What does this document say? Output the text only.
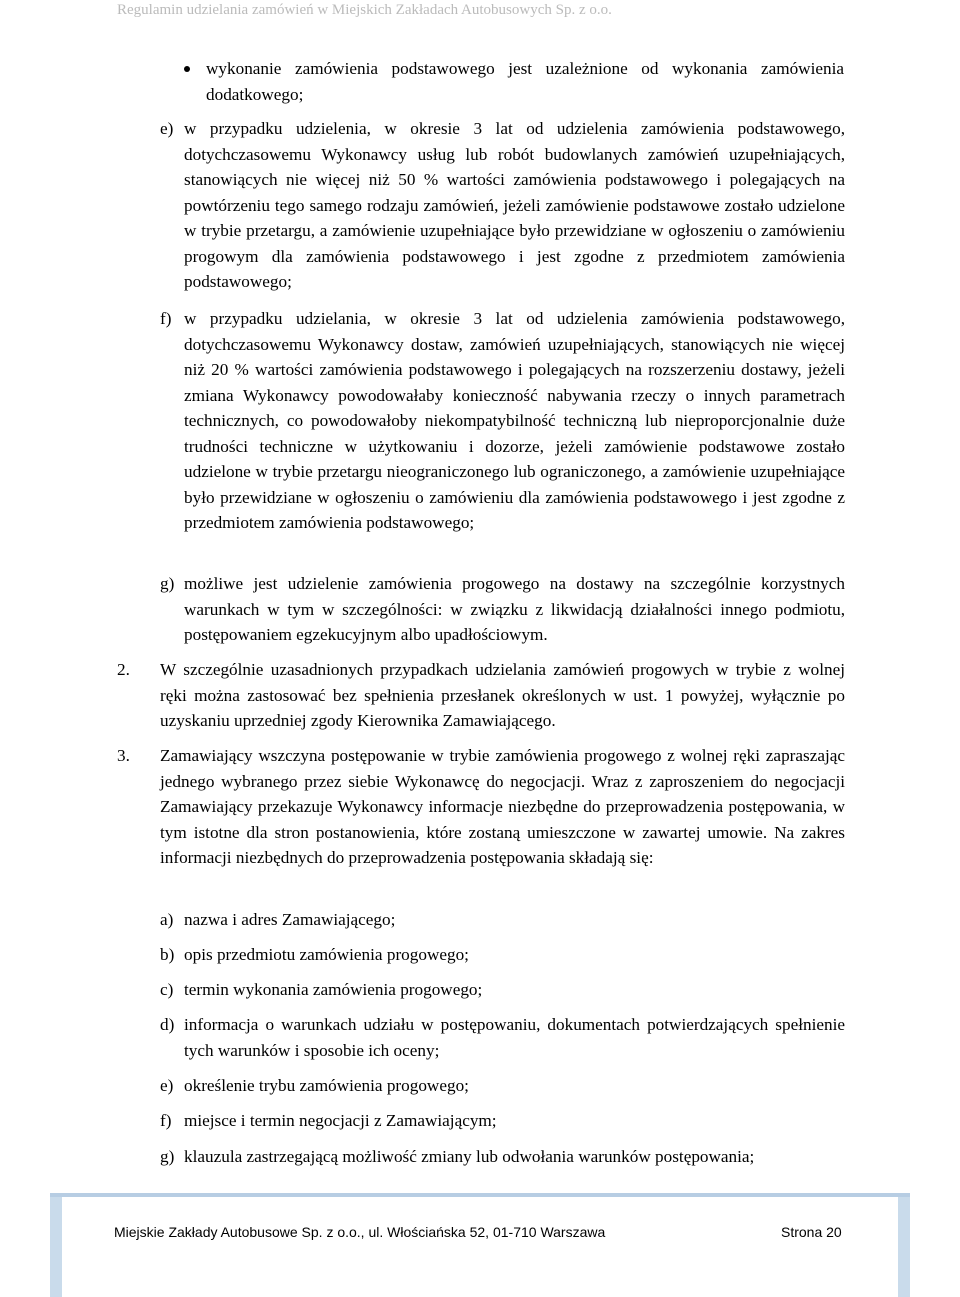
Regulamin udzielania zamówień w Miejskich Zakładach Autobusowych Sp. z o.o.
wykonanie zamówienia podstawowego jest uzależnione od wykonania zamówienia dodatkowego;
e) w przypadku udzielenia, w okresie 3 lat od udzielenia zamówienia podstawowego, dotychczasowemu Wykonawcy usług lub robót budowlanych zamówień uzupełniających, stanowiących nie więcej niż 50 % wartości zamówienia podstawowego i polegających na powtórzeniu tego samego rodzaju zamówień, jeżeli zamówienie podstawowe zostało udzielone w trybie przetargu, a zamówienie uzupełniające było przewidziane w ogłoszeniu o zamówieniu progowym dla zamówienia podstawowego i jest zgodne z przedmiotem zamówienia podstawowego;
f) w przypadku udzielania, w okresie 3 lat od udzielenia zamówienia podstawowego, dotychczasowemu Wykonawcy dostaw, zamówień uzupełniających, stanowiących nie więcej niż 20 % wartości zamówienia podstawowego i polegających na rozszerzeniu dostawy, jeżeli zmiana Wykonawcy powodowałaby konieczność nabywania rzeczy o innych parametrach technicznych, co powodowałoby niekompatybilność techniczną lub nieproporcjonalnie duże trudności techniczne w użytkowaniu i dozorze, jeżeli zamówienie podstawowe zostało udzielone w trybie przetargu nieograniczonego lub ograniczonego, a zamówienie uzupełniające było przewidziane w ogłoszeniu o zamówieniu dla zamówienia podstawowego i jest zgodne z przedmiotem zamówienia podstawowego;
g) możliwe jest udzielenie zamówienia progowego na dostawy na szczególnie korzystnych warunkach w tym w szczególności: w związku z likwidacją działalności innego podmiotu, postępowaniem egzekucyjnym albo upadłościowym.
2. W szczególnie uzasadnionych przypadkach udzielania zamówień progowych w trybie z wolnej ręki można zastosować bez spełnienia przesłanek określonych w ust. 1 powyżej, wyłącznie po uzyskaniu uprzedniej zgody Kierownika Zamawiającego.
3. Zamawiający wszczyna postępowanie w trybie zamówienia progowego z wolnej ręki zapraszając jednego wybranego przez siebie Wykonawcę do negocjacji. Wraz z zaproszeniem do negocjacji Zamawiający przekazuje Wykonawcy informacje niezbędne do przeprowadzenia postępowania, w tym istotne dla stron postanowienia, które zostaną umieszczone w zawartej umowie. Na zakres informacji niezbędnych do przeprowadzenia postępowania składają się:
a) nazwa i adres Zamawiającego;
b) opis przedmiotu zamówienia progowego;
c) termin wykonania zamówienia progowego;
d) informacja o warunkach udziału w postępowaniu, dokumentach potwierdzających spełnienie tych warunków i sposobie ich oceny;
e) określenie trybu zamówienia progowego;
f) miejsce i termin negocjacji z Zamawiającym;
g) klauzula zastrzegającą możliwość zmiany lub odwołania warunków postępowania;
Miejskie Zakłady Autobusowe Sp. z o.o., ul. Włościańska 52, 01-710 Warszawa	Strona 20
